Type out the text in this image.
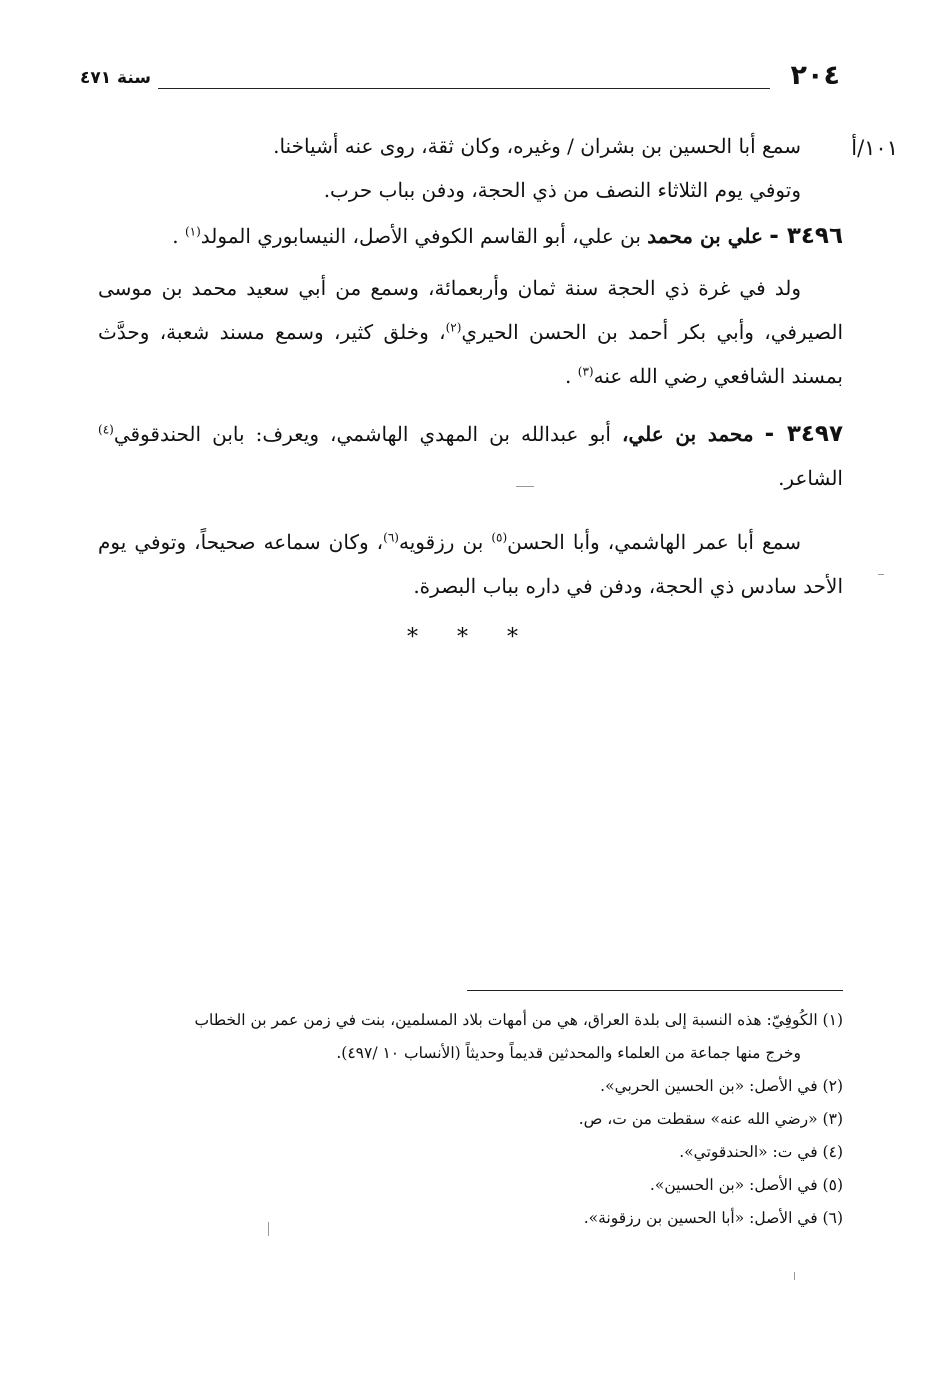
٢٠٤
سنة ٤٧١
١٠١/أ

سمع أبا الحسين بن بشران / وغيره، وكان ثقة، روى عنه أشياخنا.

وتوفي يوم الثلاثاء النصف من ذي الحجة، ودفن بباب حرب.

٣٤٩٦ - علي بن محمد بن علي، أبو القاسم الكوفي الأصل، النيسابوري المولد$^{(١)}$ .

ولد في غرة ذي الحجة سنة ثمان وأربعمائة، وسمع من أبي سعيد محمد بن موسى الصيرفي، وأبي بكر أحمد بن الحسن الحيري$^{(٢)}$، وخلق كثير، وسمع مسند شعبة، وحدَّث بمسند الشافعي رضي الله عنه$^{(٣)}$ .

٣٤٩٧ - محمد بن علي، أبو عبدالله بن المهدي الهاشمي، ويعرف: بابن الحندقوقي$^{(٤)}$ الشاعر.

سمع أبا عمر الهاشمي، وأبا الحسن$^{(٥)}$ بن رزقويه$^{(٦)}$، وكان سماعه صحيحاً، وتوفي يوم الأحد سادس ذي الحجة، ودفن في داره بباب البصرة.

* * *

(١) الكُوفِيّ: هذه النسبة إلى بلدة العراق، هي من أمهات بلاد المسلمين، بنت في زمن عمر بن الخطاب

وخرج منها جماعة من العلماء والمحدثين قديماً وحديثاً (الأنساب ١٠ /٤٩٧).

(٢) في الأصل: «بن الحسين الحربي».

(٣) «رضي الله عنه» سقطت من ت، ص.

(٤) في ت: «الحندقوتي».

(٥) في الأصل: «بن الحسين».

(٦) في الأصل: «أبا الحسين بن رزقونة».
